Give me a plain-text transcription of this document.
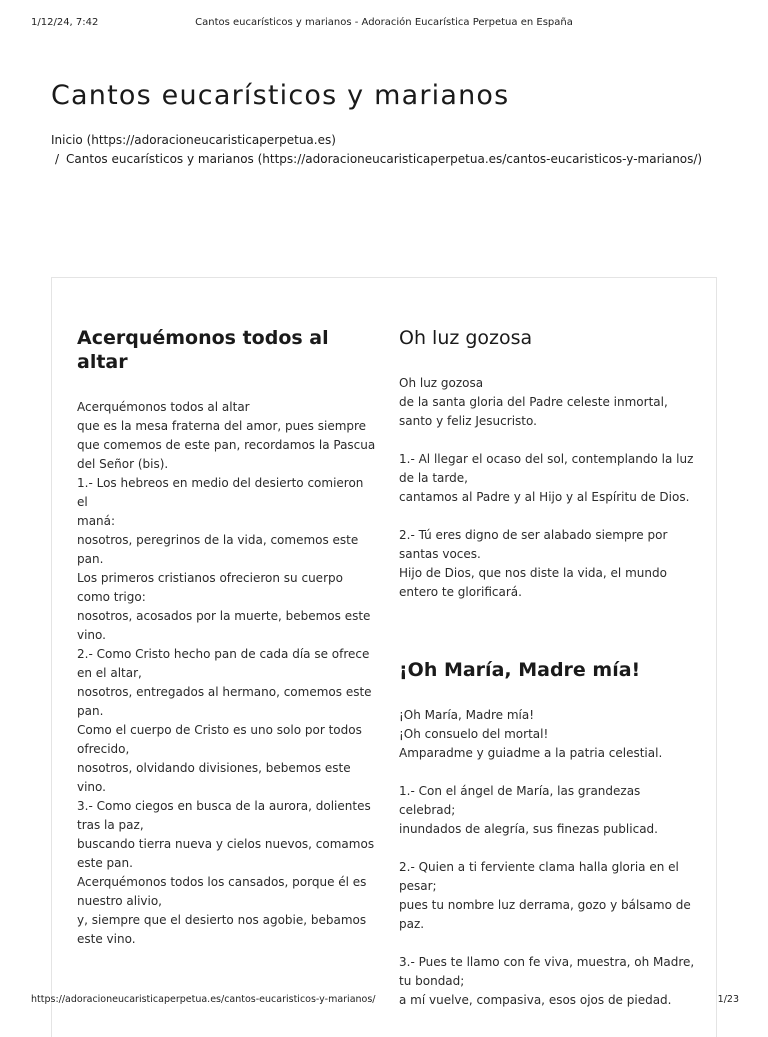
1/12/24, 7:42	Cantos eucarísticos y marianos - Adoración Eucarística Perpetua en España
Cantos eucarísticos y marianos
Inicio (https://adoracioneucaristicaperpetua.es)
/ Cantos eucarísticos y marianos (https://adoracioneucaristicaperpetua.es/cantos-eucaristicos-y-marianos/)
Acerquémonos todos al altar
Acerquémonos todos al altar
que es la mesa fraterna del amor, pues siempre
que comemos de este pan, recordamos la Pascua
del Señor (bis).
1.- Los hebreos en medio del desierto comieron el
maná:
nosotros, peregrinos de la vida, comemos este
pan.
Los primeros cristianos ofrecieron su cuerpo
como trigo:
nosotros, acosados por la muerte, bebemos este
vino.
2.- Como Cristo hecho pan de cada día se ofrece
en el altar,
nosotros, entregados al hermano, comemos este
pan.
Como el cuerpo de Cristo es uno solo por todos
ofrecido,
nosotros, olvidando divisiones, bebemos este
vino.
3.- Como ciegos en busca de la aurora, dolientes
tras la paz,
buscando tierra nueva y cielos nuevos, comamos
este pan.
Acerquémonos todos los cansados, porque él es
nuestro alivio,
y, siempre que el desierto nos agobie, bebamos
este vino.
Oh luz gozosa
Oh luz gozosa
de la santa gloria del Padre celeste inmortal,
santo y feliz Jesucristo.
1.- Al llegar el ocaso del sol, contemplando la luz
de la tarde,
cantamos al Padre y al Hijo y al Espíritu de Dios.
2.- Tú eres digno de ser alabado siempre por
santas voces.
Hijo de Dios, que nos diste la vida, el mundo
entero te glorificará.
¡Oh María, Madre mía!
¡Oh María, Madre mía!
¡Oh consuelo del mortal!
Amparadme y guiadme a la patria celestial.
1.- Con el ángel de María, las grandezas celebrad;
inundados de alegría, sus finezas publicad.
2.- Quien a ti ferviente clama halla gloria en el
pesar;
pues tu nombre luz derrama, gozo y bálsamo de
paz.
3.- Pues te llamo con fe viva, muestra, oh Madre,
tu bondad;
a mí vuelve, compasiva, esos ojos de piedad.
https://adoracioneucaristicaperpetua.es/cantos-eucaristicos-y-marianos/	1/23
